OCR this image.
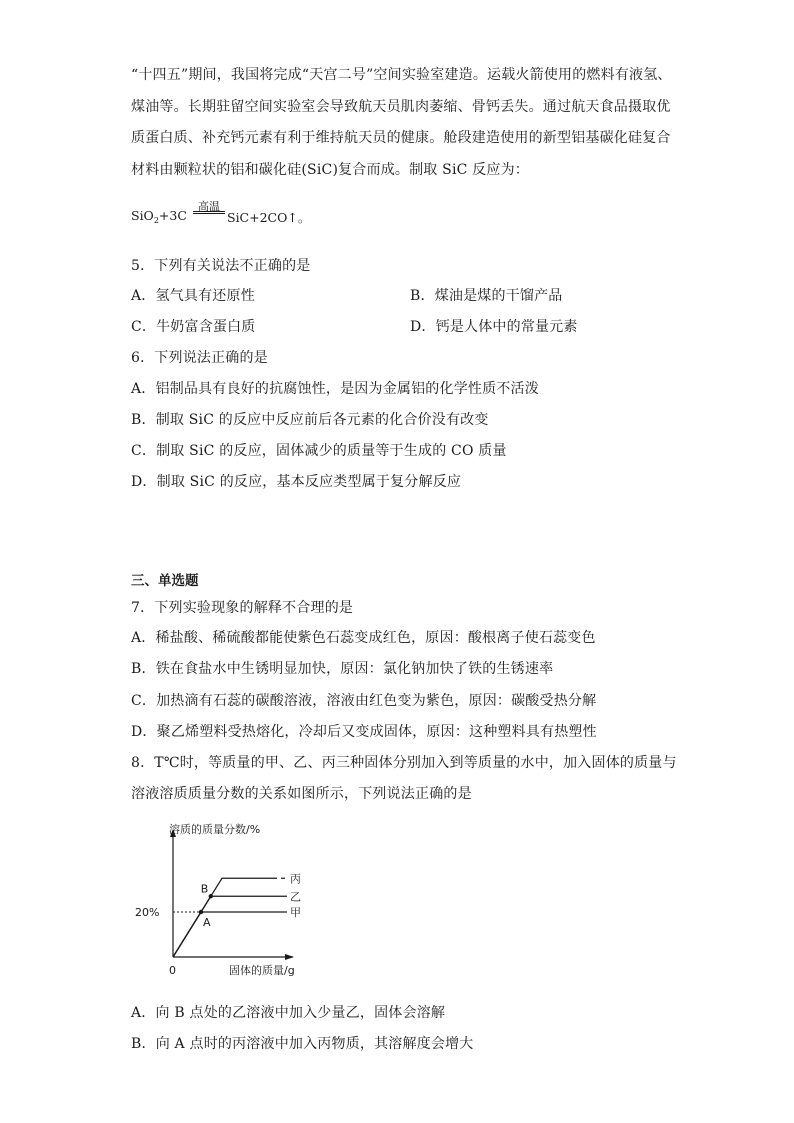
“十四五”期间，我国将完成“天宫二号”空间实验室建造。运载火箭使用的燃料有液氢、
煤油等。长期驻留空间实验室会导致航天员肌肉萎缩、骨钙丢失。通过航天食品摄取优
质蛋白质、补充钙元素有利于维持航天员的健康。舱段建造使用的新型铝基碳化硅复合
材料由颗粒状的铝和碳化硅(SiC)复合而成。制取 SiC 反应为：
SiO$_2$+3C
高温
SiC+2CO↑。
5．下列有关说法不正确的是
A．氢气具有还原性	B．煤油是煤的干馏产品
C．牛奶富含蛋白质	D．钙是人体中的常量元素
6．下列说法正确的是
A．铝制品具有良好的抗腐蚀性，是因为金属铝的化学性质不活泼
B．制取 SiC 的反应中反应前后各元素的化合价没有改变
C．制取 SiC 的反应，固体减少的质量等于生成的 CO 质量
D．制取 SiC 的反应，基本反应类型属于复分解反应
三、单选题
7．下列实验现象的解释不合理的是
A．稀盐酸、稀硫酸都能使紫色石蕊变成红色，原因：酸根离子使石蕊变色
B．铁在食盐水中生锈明显加快，原因：氯化钠加快了铁的生锈速率
C．加热滴有石蕊的碳酸溶液，溶液由红色变为紫色，原因：碳酸受热分解
D．聚乙烯塑料受热熔化，冷却后又变成固体，原因：这种塑料具有热塑性
8．T℃时，等质量的甲、乙、丙三种固体分别加入到等质量的水中，加入固体的质量与
溶液溶质质量分数的关系如图所示，下列说法正确的是
溶质的质量分数/%
固体的质量/g
0
20%
丙
乙
甲
A
B
A．向 B 点处的乙溶液中加入少量乙，固体会溶解
B．向 A 点时的丙溶液中加入丙物质，其溶解度会增大
